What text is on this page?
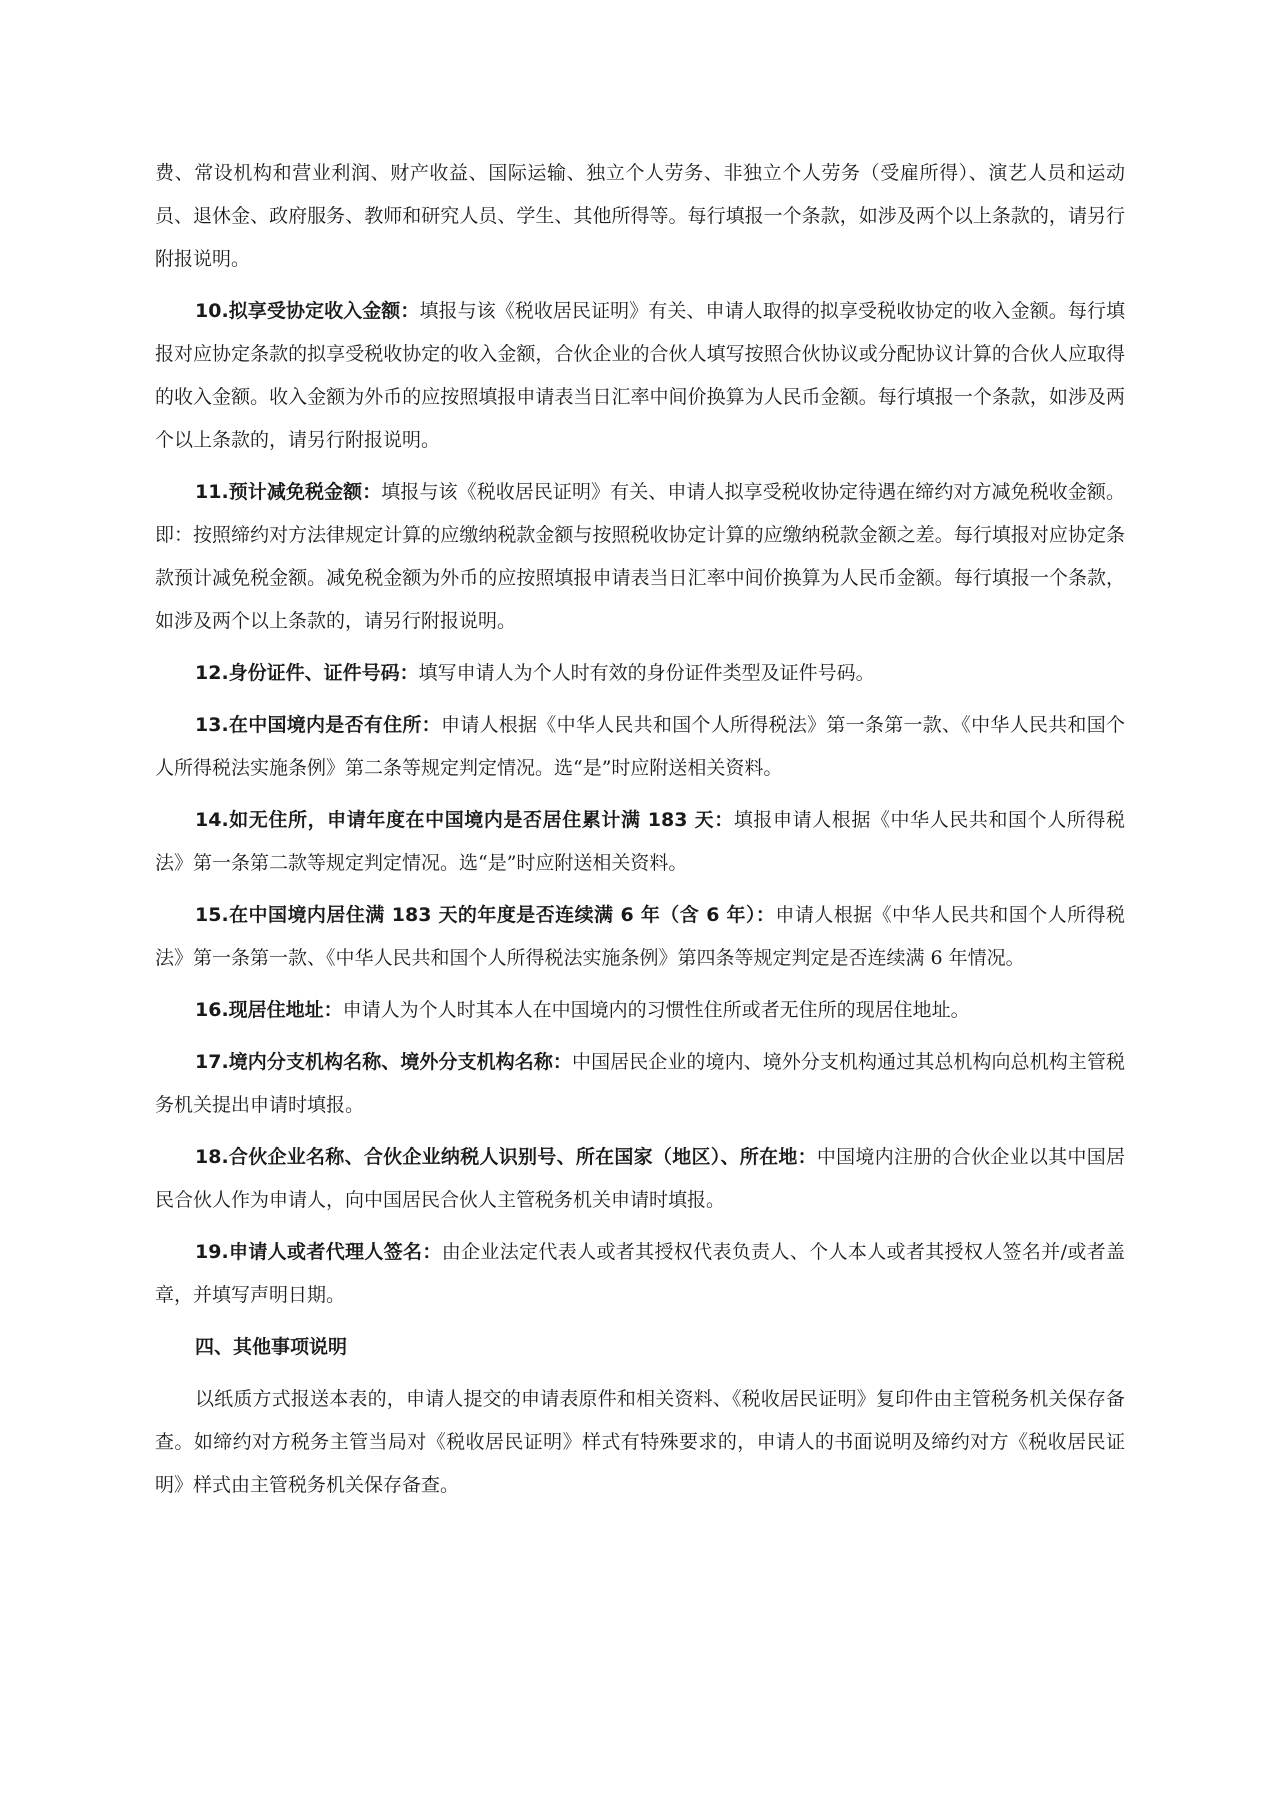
费、常设机构和营业利润、财产收益、国际运输、独立个人劳务、非独立个人劳务（受雇所得）、演艺人员和运动员、退休金、政府服务、教师和研究人员、学生、其他所得等。每行填报一个条款，如涉及两个以上条款的，请另行附报说明。

10.拟享受协定收入金额：填报与该《税收居民证明》有关、申请人取得的拟享受税收协定的收入金额。每行填报对应协定条款的拟享受税收协定的收入金额，合伙企业的合伙人填写按照合伙协议或分配协议计算的合伙人应取得的收入金额。收入金额为外币的应按照填报申请表当日汇率中间价换算为人民币金额。每行填报一个条款，如涉及两个以上条款的，请另行附报说明。

11.预计减免税金额：填报与该《税收居民证明》有关、申请人拟享受税收协定待遇在缔约对方减免税收金额。即：按照缔约对方法律规定计算的应缴纳税款金额与按照税收协定计算的应缴纳税款金额之差。每行填报对应协定条款预计减免税金额。减免税金额为外币的应按照填报申请表当日汇率中间价换算为人民币金额。每行填报一个条款，如涉及两个以上条款的，请另行附报说明。

12.身份证件、证件号码：填写申请人为个人时有效的身份证件类型及证件号码。

13.在中国境内是否有住所：申请人根据《中华人民共和国个人所得税法》第一条第一款、《中华人民共和国个人所得税法实施条例》第二条等规定判定情况。选“是”时应附送相关资料。

14.如无住所，申请年度在中国境内是否居住累计满 183 天：填报申请人根据《中华人民共和国个人所得税法》第一条第二款等规定判定情况。选“是”时应附送相关资料。

15.在中国境内居住满 183 天的年度是否连续满 6 年（含 6 年）：申请人根据《中华人民共和国个人所得税法》第一条第一款、《中华人民共和国个人所得税法实施条例》第四条等规定判定是否连续满 6 年情况。

16.现居住地址：申请人为个人时其本人在中国境内的习惯性住所或者无住所的现居住地址。

17.境内分支机构名称、境外分支机构名称：中国居民企业的境内、境外分支机构通过其总机构向总机构主管税务机关提出申请时填报。

18.合伙企业名称、合伙企业纳税人识别号、所在国家（地区）、所在地：中国境内注册的合伙企业以其中国居民合伙人作为申请人，向中国居民合伙人主管税务机关申请时填报。

19.申请人或者代理人签名：由企业法定代表人或者其授权代表负责人、个人本人或者其授权人签名并/或者盖章，并填写声明日期。

四、其他事项说明

以纸质方式报送本表的，申请人提交的申请表原件和相关资料、《税收居民证明》复印件由主管税务机关保存备查。如缔约对方税务主管当局对《税收居民证明》样式有特殊要求的，申请人的书面说明及缔约对方《税收居民证明》样式由主管税务机关保存备查。
